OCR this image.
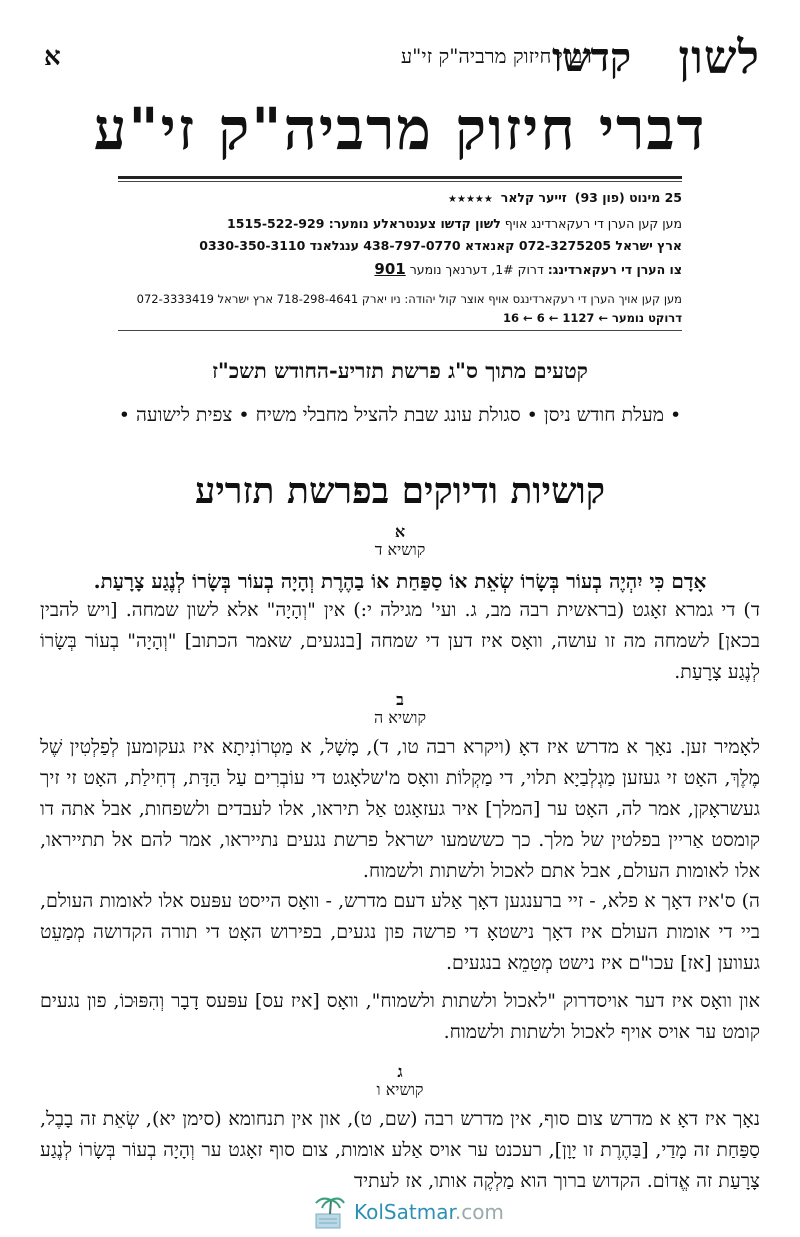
לשון
דברי חיזוק מרביה"ק זי"ע
קדשו
א
דברי חיזוק מרביה"ק זי"ע
25 מינוט (פון 93)  זייער קלאר  ★★★★★
מען קען הערן די רעקארדינג אויף לשון קדשו צענטראלע נומער: 1515-522-929
ארץ ישראל 072-3275205 קאנאדא 438-797-0770 ענגלאנד 0330-350-3110
צו הערן די רעקארדינג: דרוק 1#, דערנאך נומער 901
מען קען אויך הערן די רעקארדינגס אויף אוצר קול יהודה: ניו יארק 718-298-4641 ארץ ישראל 072-3333419
דרוקט נומער ← 1127 ← 6 ← 16
קטעים מתוך ס"ג פרשת תזריע-החודש תשכ"ז
• מעלת חודש ניסן • סגולת עונג שבת להציל מחבלי משיח • צפית לישועה •
קושיות ודיוקים בפרשת תזריע
א
קושיא ד
אָדָם כִּי יִהְיֶה בְעוֹר בְּשָׂרוֹ שְׂאֵת אוֹ סַפַּחַת אוֹ בַהֶרֶת וְהָיָה בְעוֹר בְּשָׂרוֹ לְנֶגַע צָרָעַת.
ד) די גמרא זאָגט (בראשית רבה מב, ג. ועי' מגילה י:) אין "וְהָיָה" אלא לשון שמחה. [ויש להבין בכאן] לשמחה מה זו עושה, וואָס איז דען די שמחה [בנגעים, שאמר הכתוב] "וְהָיָה" בְעוֹר בְּשָׂרוֹ לְנֶגַע צָרָעַת.
ב
קושיא ה
לאָמיר זען. נאָך א מדרש איז דאָ (ויקרא רבה טו, ד), מָשָׁל, א מַטְרוֹנִיתָא איז געקומען לְפַלְטִין שֶׁל מֶלֶךְ, האָט זי געזען מַגְלְבַיָא תלוי, די מַקְלוֹת וואָס מ'שלאָגט די עוֹבְרִים עַל הַדָּת, דְחִילַת, האָט זי זיך געשראָקן, אמר לה, האָט ער [המלך] איר געזאָגט אַל תיראו, אלו לעבדים ולשפחות, אבל אתה דו קומסט אַריין בפלטין של מלך. כך כששמעו ישראל פרשת נגעים נתייראו, אמר להם אל תתייראו, אלו לאומות העולם, אבל אתם לאכול ולשתות ולשמוח.
ה) ס'איז דאָך א פלא, - זיי ברענגען דאָך אַלע דעם מדרש, - וואָס הייסט עפּעס אלו לאומות העולם, ביי די אומות העולם איז דאָך נישטאָ די פרשה פון נגעים, בפירוש האָט די תורה הקדושה מְמַעֵט געווען [אז] עכו"ם איז נישט מְטַמֵא בנגעים.
און וואָס איז דער אויסדרוק "לאכול ולשתות ולשמוח", וואָס [איז עס] עפּעס דָבָר וְהִפּוּכוֹ, פון נגעים קומט ער אויס אויף לאכול ולשתות ולשמוח.
ג
קושיא ו
נאָך איז דאָ א מדרש צום סוף, אין מדרש רבה (שם, ט), און אין תנחומא (סימן יא), שְׂאֵת זה בָבֶל, סַפַּחַת זה מָדַי, [בַּהֶרֶת זו יָוָן], רעכנט ער אויס אַלע אומות, צום סוף זאָגט ער וְהָיָה בְעוֹר בְּשָׂרוֹ לְנֶגַע צָרָעַת זה אֱדוֹם. הקדוש ברוך הוא מַלְקֶה אותו, אז לעתיד
KolSatmar.com
